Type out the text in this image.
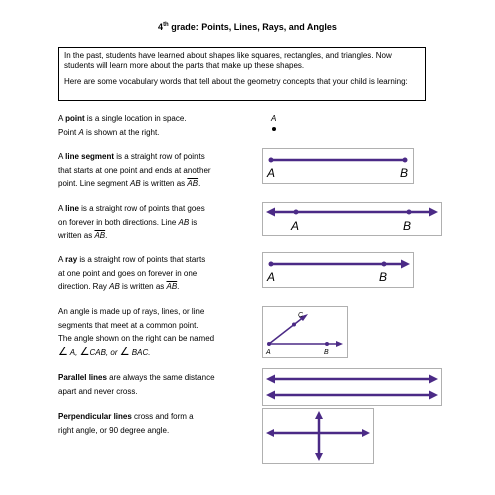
4th grade: Points, Lines, Rays, and Angles

In the past, students have learned about shapes like squares, rectangles, and triangles. Now students will learn more about the parts that make up these shapes.

Here are some vocabulary words that tell about the geometry concepts that your child is learning:

A point is a single location in space.
Point A is shown at the right.
A
A line segment is a straight row of points
that starts at one point and ends at another
point. Line segment AB is written as $\overline{AB}$.
A	B
A line is a straight row of points that goes
on forever in both directions. Line AB is
written as $\overline{AB}$.
A	B
A ray is a straight row of points that starts
at one point and goes on forever in one
direction. Ray AB is written as $\overline{AB}$.
A	B
An angle is made up of rays, lines, or line
segments that meet at a common point.
The angle shown on the right can be named
∠ A, ∠CAB, or ∠ BAC.
C
A	B
Parallel lines are always the same distance
apart and never cross.
Perpendicular lines cross and form a
right angle, or 90 degree angle.
